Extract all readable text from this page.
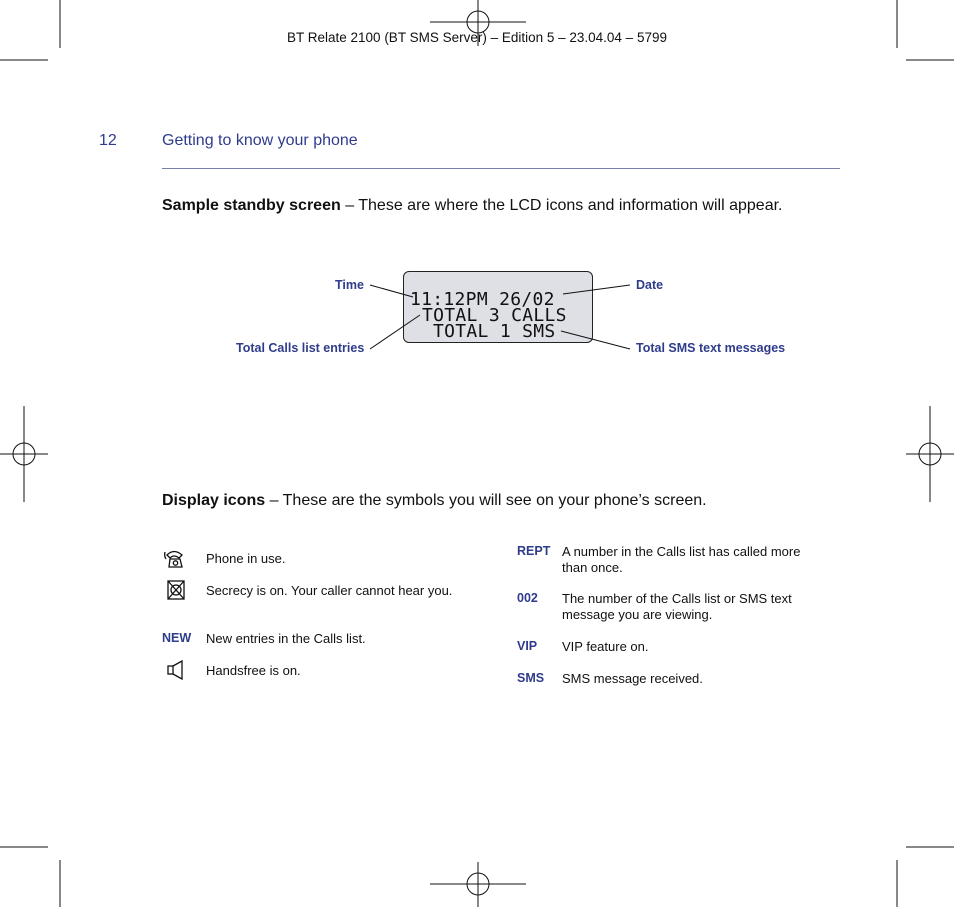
BT Relate 2100 (BT SMS Server) – Edition 5 – 23.04.04 – 5799
12	Getting to know your phone
Sample standby screen – These are where the LCD icons and information will appear.
11:12PM 26/02
TOTAL 3 CALLS
TOTAL 1 SMS
Time	Date
Total Calls list entries	Total SMS text messages
Display icons – These are the symbols you will see on your phone’s screen.
Phone in use.
Secrecy is on. Your caller cannot hear you.
NEW New entries in the Calls list.
Handsfree is on.
REPT A number in the Calls list has called more than once.
002 The number of the Calls list or SMS text message you are viewing.
VIP VIP feature on.
SMS SMS message received.
